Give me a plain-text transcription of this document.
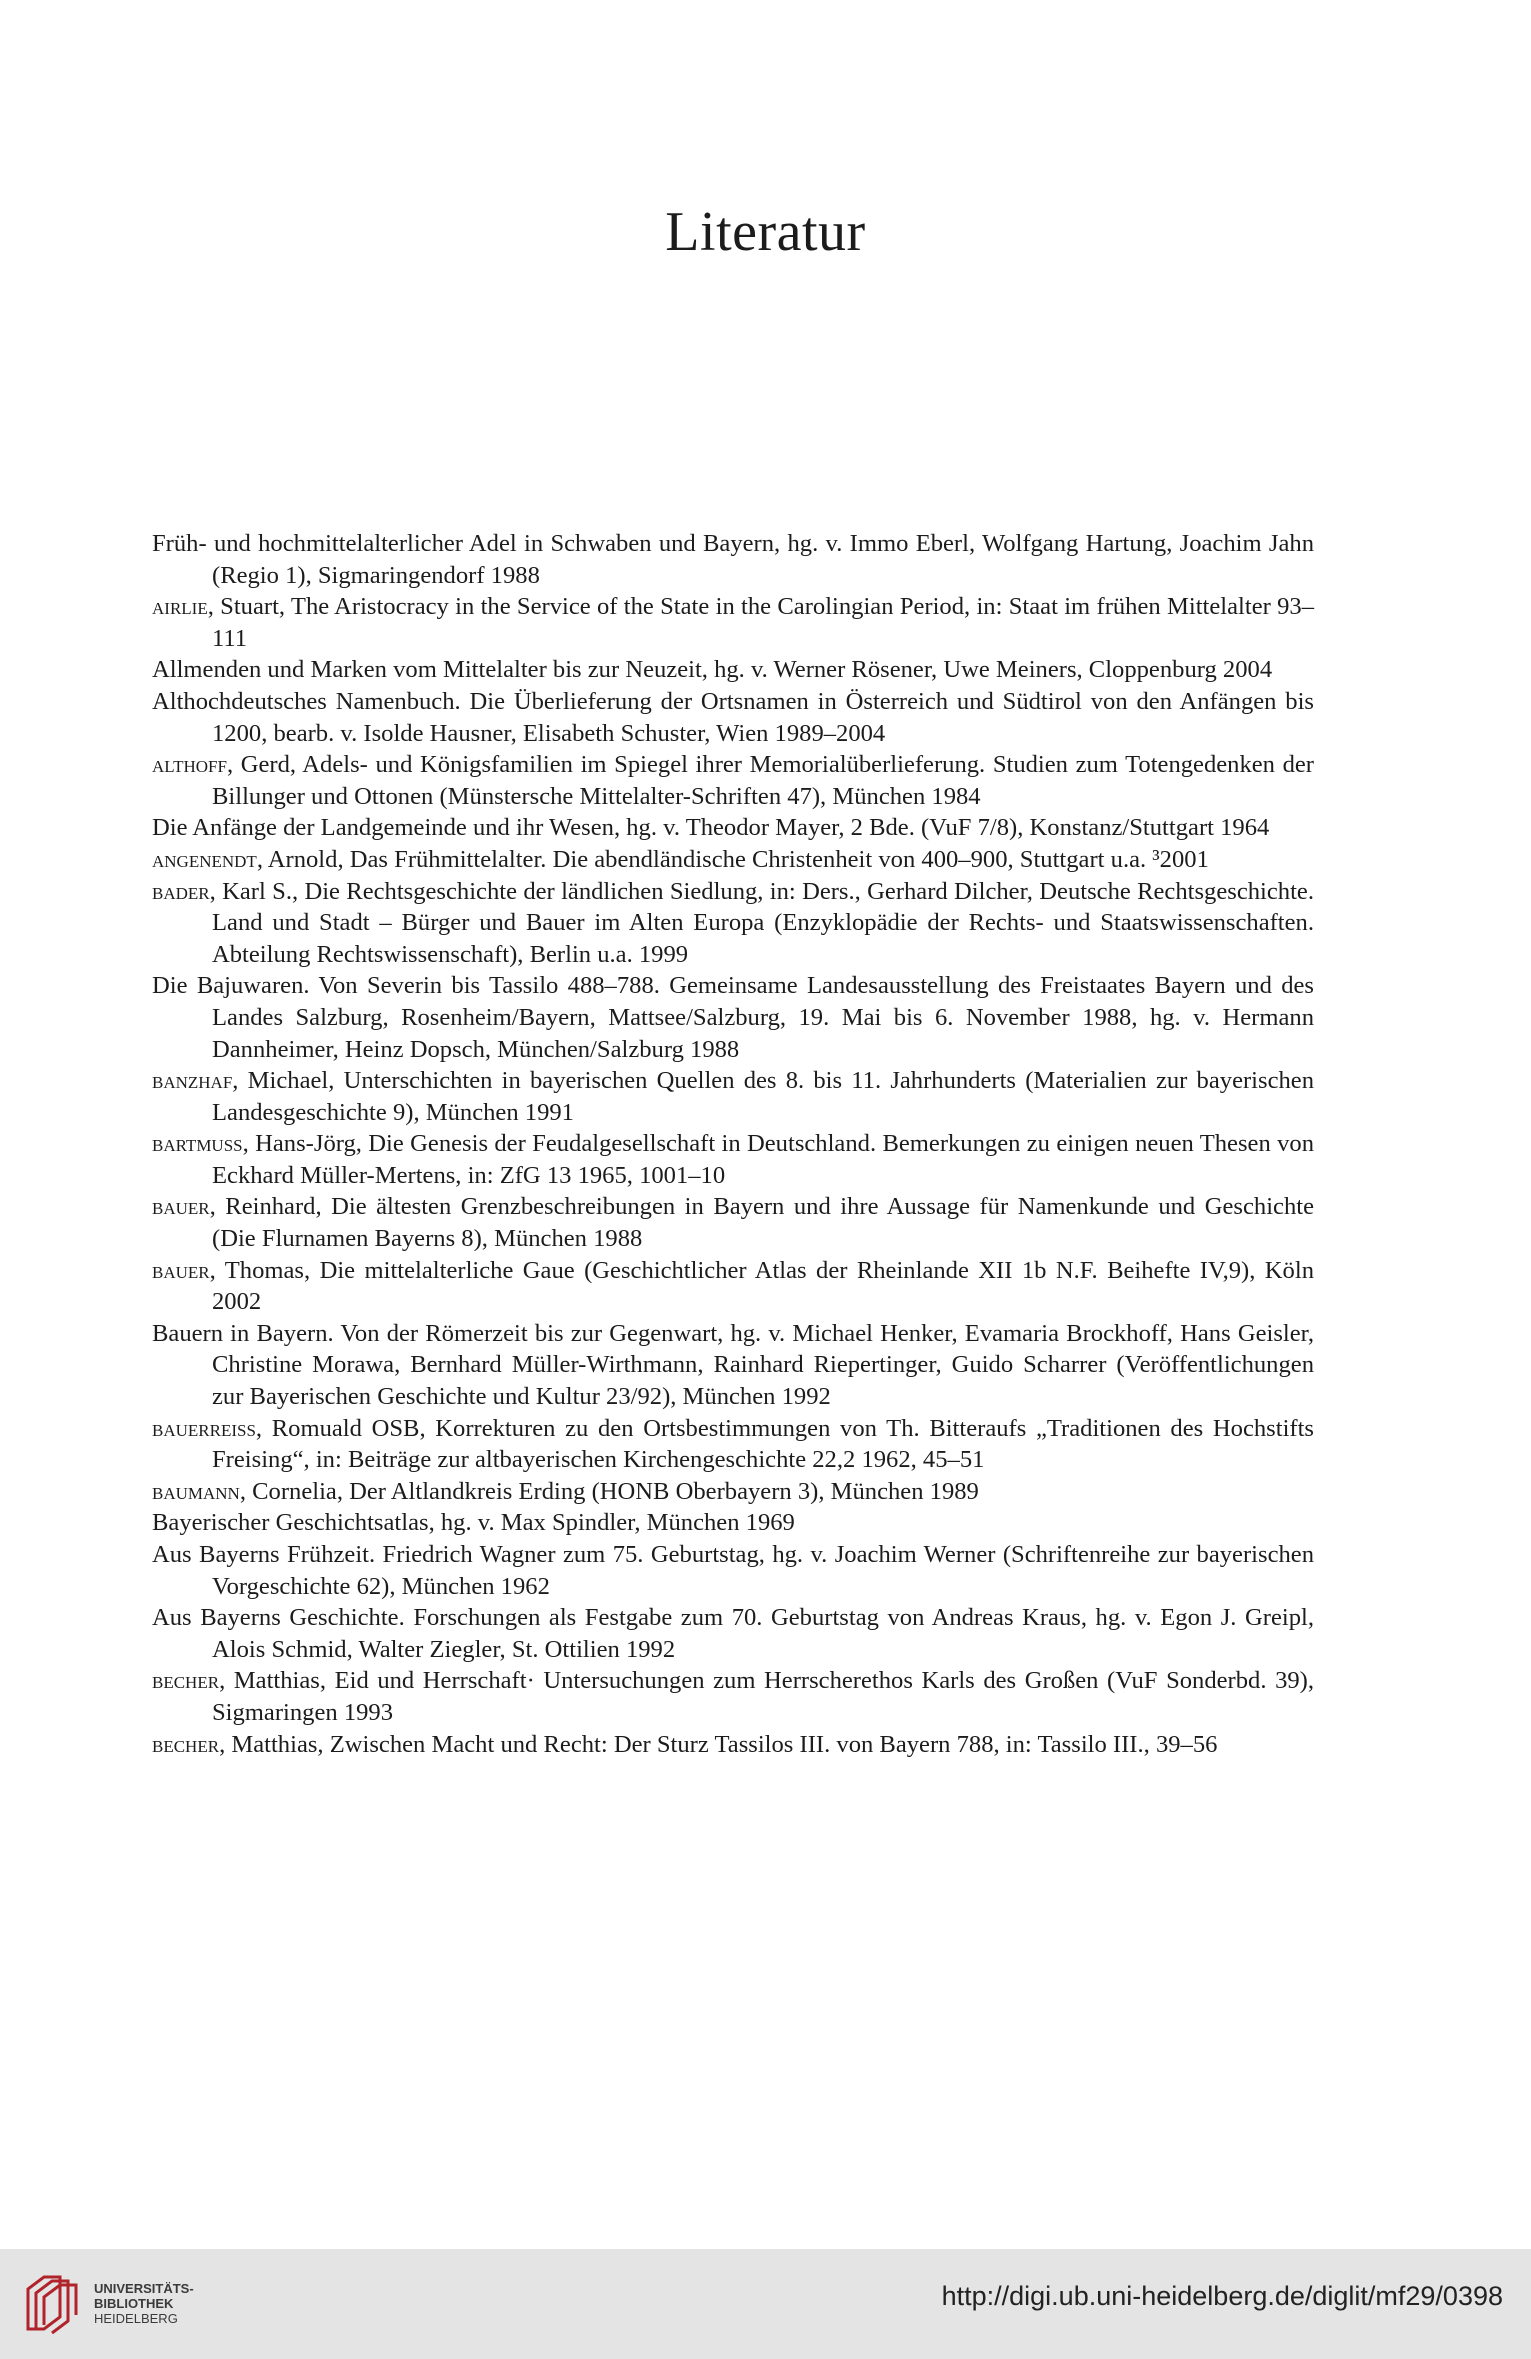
Literatur

Früh- und hochmittelalterlicher Adel in Schwaben und Bayern, hg. v. Immo Eberl, Wolfgang Hartung, Joachim Jahn (Regio 1), Sigmaringendorf 1988

airlie, Stuart, The Aristocracy in the Service of the State in the Carolingian Period, in: Staat im frühen Mittelalter 93–111

Allmenden und Marken vom Mittelalter bis zur Neuzeit, hg. v. Werner Rösener, Uwe Meiners, Cloppenburg 2004

Althochdeutsches Namenbuch. Die Überlieferung der Ortsnamen in Österreich und Südtirol von den Anfängen bis 1200, bearb. v. Isolde Hausner, Elisabeth Schuster, Wien 1989–2004

althoff, Gerd, Adels- und Königsfamilien im Spiegel ihrer Memorialüberlieferung. Studien zum Totengedenken der Billunger und Ottonen (Münstersche Mittelalter-Schriften 47), München 1984

Die Anfänge der Landgemeinde und ihr Wesen, hg. v. Theodor Mayer, 2 Bde. (VuF 7/8), Konstanz/Stuttgart 1964

angenendt, Arnold, Das Frühmittelalter. Die abendländische Christenheit von 400–900, Stuttgart u.a. ³2001

bader, Karl S., Die Rechtsgeschichte der ländlichen Siedlung, in: Ders., Gerhard Dilcher, Deutsche Rechtsgeschichte. Land und Stadt – Bürger und Bauer im Alten Europa (Enzyklopädie der Rechts- und Staatswissenschaften. Abteilung Rechtswissenschaft), Berlin u.a. 1999

Die Bajuwaren. Von Severin bis Tassilo 488–788. Gemeinsame Landesausstellung des Freistaates Bayern und des Landes Salzburg, Rosenheim/Bayern, Mattsee/Salzburg, 19. Mai bis 6. November 1988, hg. v. Hermann Dannheimer, Heinz Dopsch, München/Salzburg 1988

banzhaf, Michael, Unterschichten in bayerischen Quellen des 8. bis 11. Jahrhunderts (Materialien zur bayerischen Landesgeschichte 9), München 1991

bartmuss, Hans-Jörg, Die Genesis der Feudalgesellschaft in Deutschland. Bemerkungen zu einigen neuen Thesen von Eckhard Müller-Mertens, in: ZfG 13 1965, 1001–10

bauer, Reinhard, Die ältesten Grenzbeschreibungen in Bayern und ihre Aussage für Namenkunde und Geschichte (Die Flurnamen Bayerns 8), München 1988

bauer, Thomas, Die mittelalterliche Gaue (Geschichtlicher Atlas der Rheinlande XII 1b N.F. Beihefte IV,9), Köln 2002

Bauern in Bayern. Von der Römerzeit bis zur Gegenwart, hg. v. Michael Henker, Evamaria Brockhoff, Hans Geisler, Christine Morawa, Bernhard Müller-Wirthmann, Rainhard Riepertinger, Guido Scharrer (Veröffentlichungen zur Bayerischen Geschichte und Kultur 23/92), München 1992

bauerreiss, Romuald OSB, Korrekturen zu den Ortsbestimmungen von Th. Bitteraufs „Traditionen des Hochstifts Freising“, in: Beiträge zur altbayerischen Kirchengeschichte 22,2 1962, 45–51

baumann, Cornelia, Der Altlandkreis Erding (HONB Oberbayern 3), München 1989

Bayerischer Geschichtsatlas, hg. v. Max Spindler, München 1969

Aus Bayerns Frühzeit. Friedrich Wagner zum 75. Geburtstag, hg. v. Joachim Werner (Schriftenreihe zur bayerischen Vorgeschichte 62), München 1962

Aus Bayerns Geschichte. Forschungen als Festgabe zum 70. Geburtstag von Andreas Kraus, hg. v. Egon J. Greipl, Alois Schmid, Walter Ziegler, St. Ottilien 1992

becher, Matthias, Eid und Herrschaft· Untersuchungen zum Herrscherethos Karls des Großen (VuF Sonderbd. 39), Sigmaringen 1993

becher, Matthias, Zwischen Macht und Recht: Der Sturz Tassilos III. von Bayern 788, in: Tassilo III., 39–56

UNIVERSITÄTS-
BIBLIOTHEK
HEIDELBERG
http://digi.ub.uni-heidelberg.de/diglit/mf29/0398
